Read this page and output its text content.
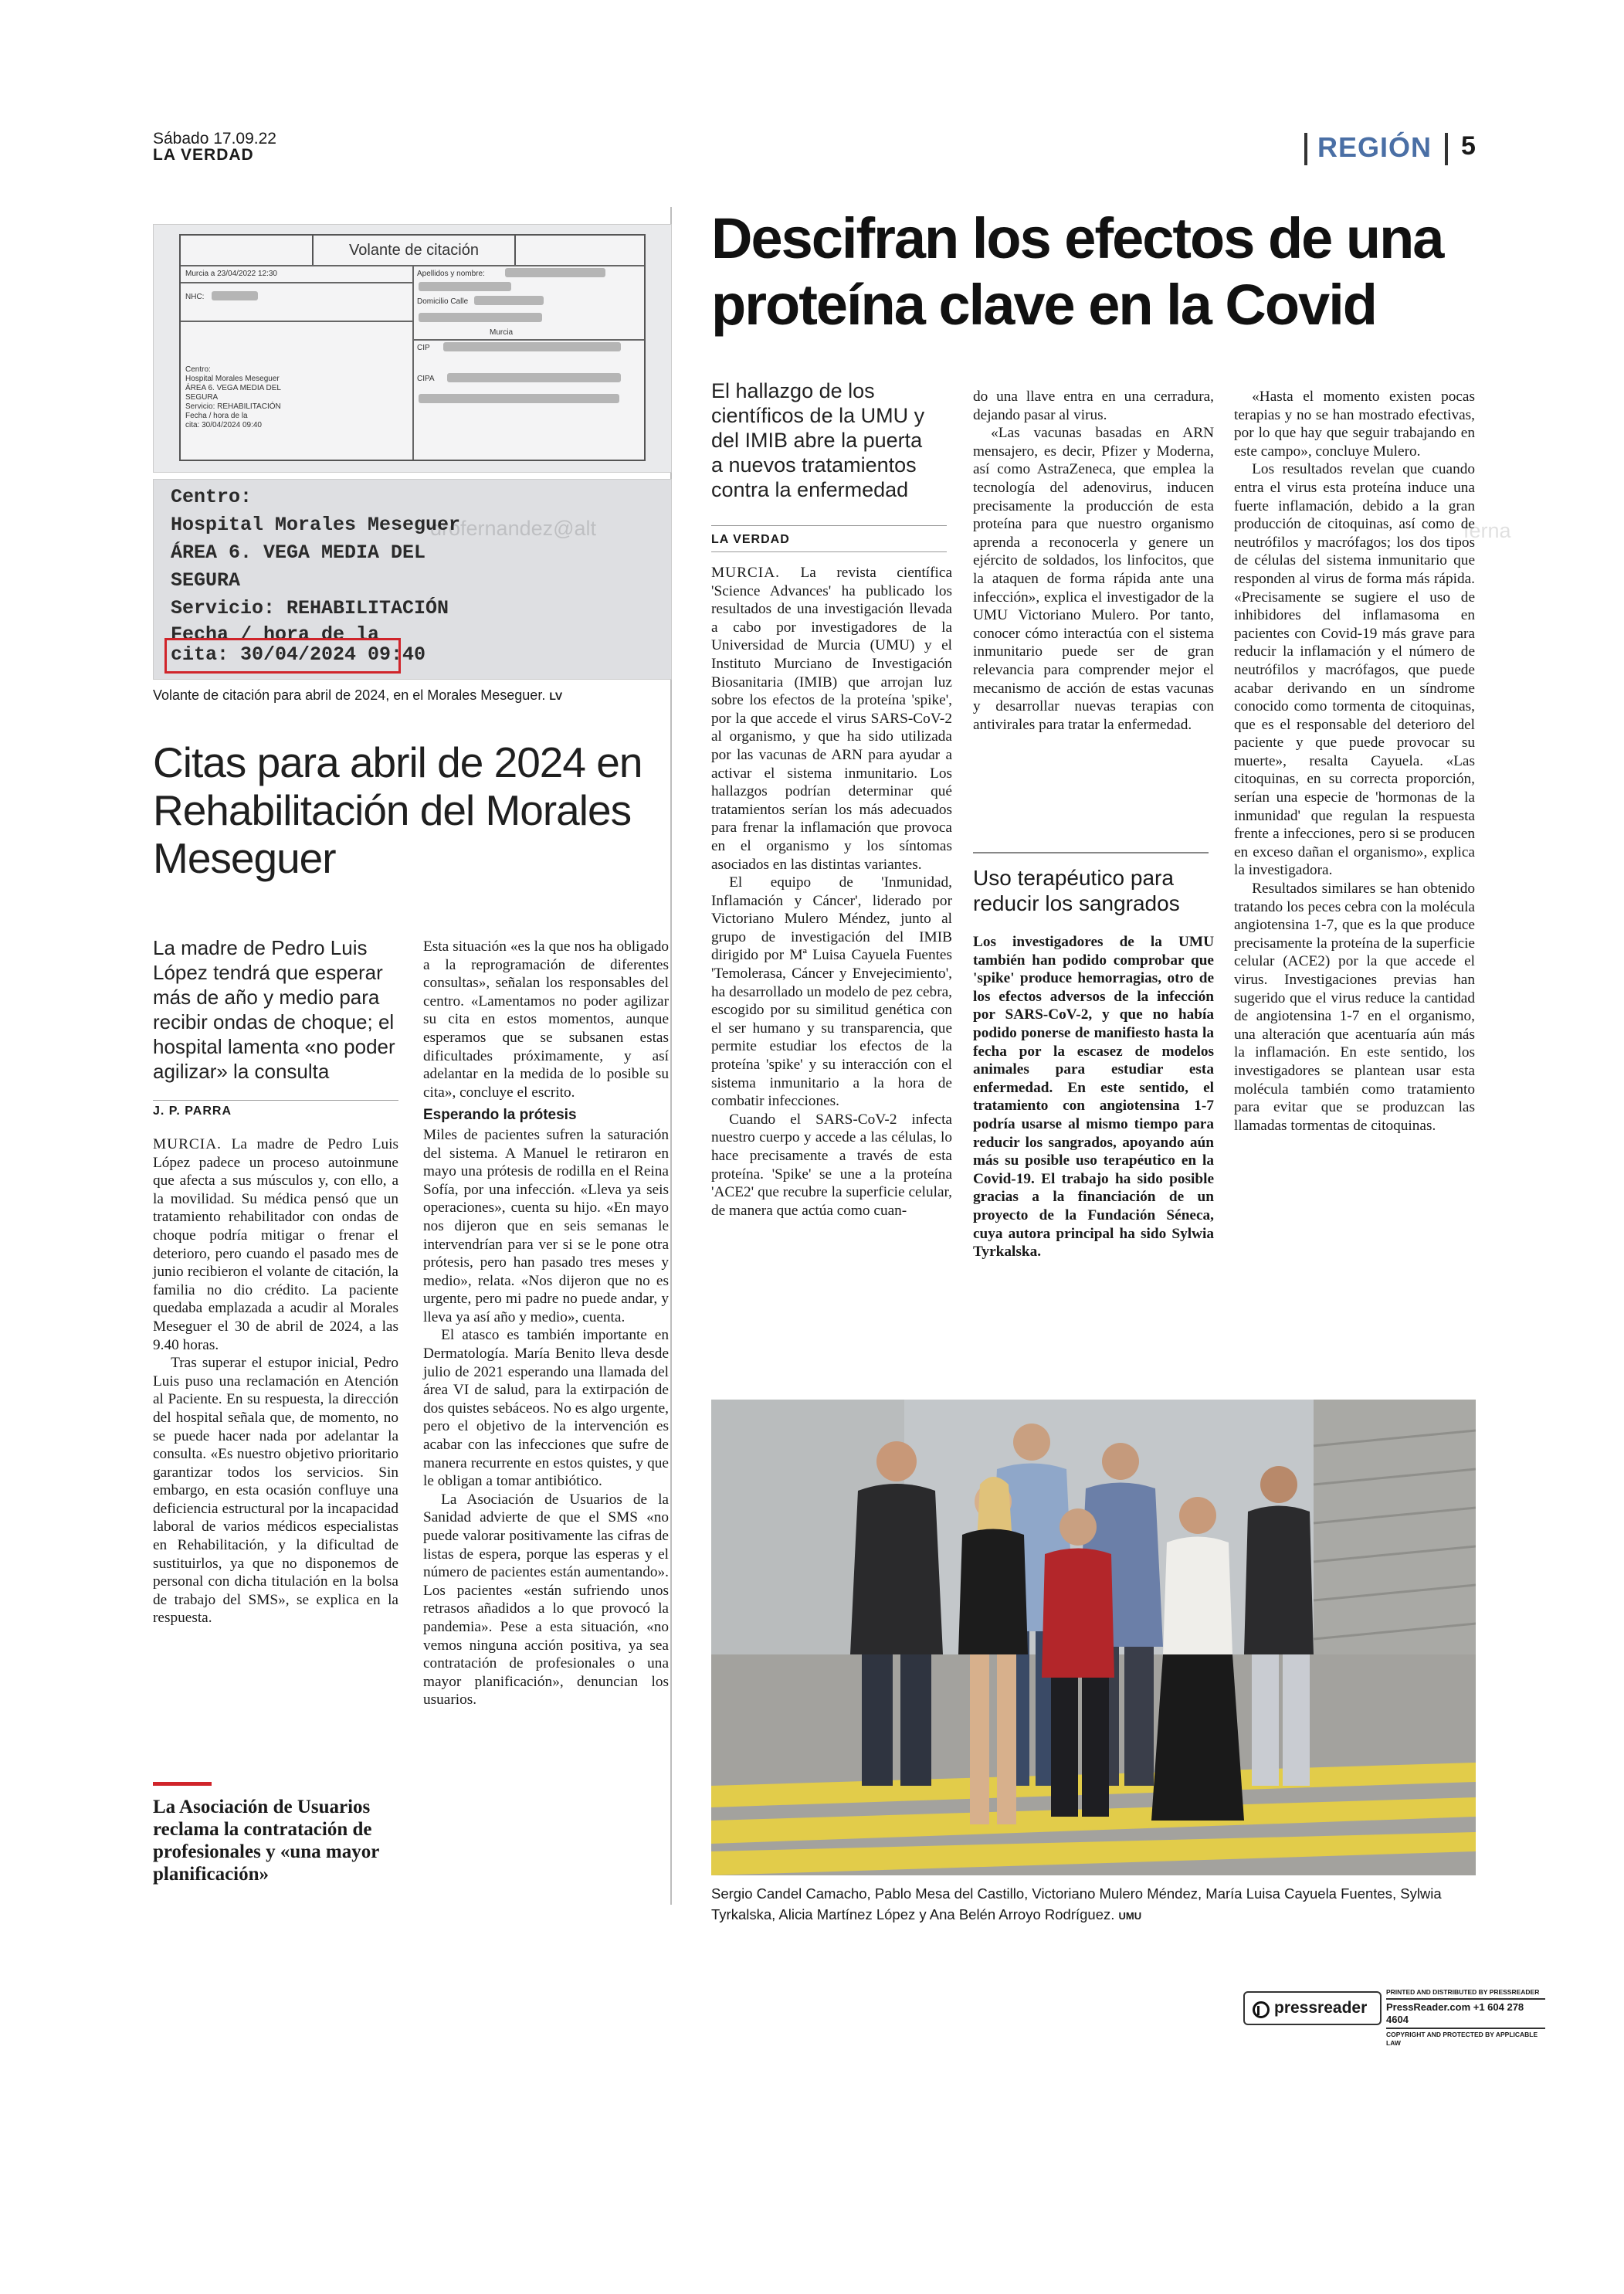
Sábado 17.09.22
LA VERDAD	REGIÓN 5
Volante de citación
Murcia a 23/04/2022 12:30	Apellidos y nombre:
NHC:
Domicilio Calle
Murcia
CIP
CIPA
Centro:
Hospital Morales Meseguer
ÁREA 6. VEGA MEDIA DEL
SEGURA
Servicio: REHABILITACIÓN
Fecha / hora de la
cita: 30/04/2024 09:40
Centro:
Hospital Morales Meseguer
ÁREA 6. VEGA MEDIA DEL
SEGURA
Servicio: REHABILITACIÓN
Fecha / hora de la
cita: 30/04/2024 09:40
drofernandez@alt
Volante de citación para abril de 2024, en el Morales Meseguer. LV
Citas para abril de 2024 en Rehabilitación del Morales Meseguer
La madre de Pedro Luis López tendrá que esperar más de año y medio para recibir ondas de choque; el hospital lamenta «no poder agilizar» la consulta
J. P. PARRA

MURCIA. La madre de Pedro Luis López padece un proceso autoinmune que afecta a sus músculos y, con ello, a la movilidad. Su médica pensó que un tratamiento rehabilitador con ondas de choque podría mitigar o frenar el deterioro, pero cuando el pasado mes de junio recibieron el volante de citación, la familia no dio crédito. La paciente quedaba emplazada a acudir al Morales Meseguer el 30 de abril de 2024, a las 9.40 horas.

Tras superar el estupor inicial, Pedro Luis puso una reclamación en Atención al Paciente. En su respuesta, la dirección del hospital señala que, de momento, no se puede hacer nada por adelantar la consulta. «Es nuestro objetivo prioritario garantizar todos los servicios. Sin embargo, en esta ocasión confluye una deficiencia estructural por la incapacidad laboral de varios médicos especialistas en Rehabilitación, y la dificultad de sustituirlos, ya que no disponemos de personal con dicha titulación en la bolsa de trabajo del SMS», se explica en la respuesta.

La Asociación de Usuarios reclama la contratación de profesionales y «una mayor planificación»

Esta situación «es la que nos ha obligado a la reprogramación de diferentes consultas», señalan los responsables del centro. «Lamentamos no poder agilizar su cita en estos momentos, aunque esperamos que se subsanen estas dificultades próximamente, y así adelantar en la medida de lo posible su cita», concluye el escrito.

Esperando la prótesis

Miles de pacientes sufren la saturación del sistema. A Manuel le retiraron en mayo una prótesis de rodilla en el Reina Sofía, por una infección. «Lleva ya seis operaciones», cuenta su hijo. «En mayo nos dijeron que en seis semanas le intervendrían para ver si se le pone otra prótesis, pero han pasado tres meses y medio», relata. «Nos dijeron que no es urgente, pero mi padre no puede andar, y lleva ya así año y medio», cuenta.

El atasco es también importante en Dermatología. María Benito lleva desde julio de 2021 esperando una llamada del área VI de salud, para la extirpación de dos quistes sebáceos. No es algo urgente, pero el objetivo de la intervención es acabar con las infecciones que sufre de manera recurrente en estos quistes, y que le obligan a tomar antibiótico.

La Asociación de Usuarios de la Sanidad advierte de que el SMS «no puede valorar positivamente las cifras de listas de espera, porque las esperas y el número de pacientes están aumentando». Los pacientes «están sufriendo unos retrasos añadidos a lo que provocó la pandemia». Pese a esta situación, «no vemos ninguna acción positiva, ya sea contratación de profesionales o una mayor planificación», denuncian los usuarios.

Descifran los efectos de una proteína clave en la Covid
El hallazgo de los científicos de la UMU y del IMIB abre la puerta a nuevos tratamientos contra la enfermedad
LA VERDAD

MURCIA. La revista científica 'Science Advances' ha publicado los resultados de una investigación llevada a cabo por investigadores de la Universidad de Murcia (UMU) y el Instituto Murciano de Investigación Biosanitaria (IMIB) que arrojan luz sobre los efectos de la proteína 'spike', por la que accede el virus SARS-CoV-2 al organismo, y que ha sido utilizada por las vacunas de ARN para ayudar a activar el sistema inmunitario. Los hallazgos podrían determinar qué tratamientos serían los más adecuados para frenar la inflamación que provoca en el organismo y los síntomas asociados en las distintas variantes.

El equipo de 'Inmunidad, Inflamación y Cáncer', liderado por Victoriano Mulero Méndez, junto al grupo de investigación del IMIB dirigido por Mª Luisa Cayuela Fuentes 'Temolerasa, Cáncer y Envejecimiento', ha desarrollado un modelo de pez cebra, escogido por su similitud genética con el ser humano y su transparencia, que permite estudiar los efectos de la proteína 'spike' y su interacción con el sistema inmunitario a la hora de combatir infecciones.

Cuando el SARS-CoV-2 infecta nuestro cuerpo y accede a las células, lo hace precisamente a través de esta proteína. 'Spike' se une a la proteína 'ACE2' que recubre la superficie celular, de manera que actúa como cuan-

do una llave entra en una cerradura, dejando pasar al virus.

«Las vacunas basadas en ARN mensajero, es decir, Pfizer y Moderna, así como AstraZeneca, que emplea la tecnología del adenovirus, inducen precisamente la producción de esta proteína para que nuestro organismo aprenda a reconocerla y genere un ejército de soldados, los linfocitos, que la ataquen de forma rápida ante una infección», explica el investigador de la UMU Victoriano Mulero. Por tanto, conocer cómo interactúa con el sistema inmunitario puede ser de gran relevancia para comprender mejor el mecanismo de acción de estas vacunas y desarrollar nuevas terapias con antivirales para tratar la enfermedad.

Uso terapéutico para reducir los sangrados

Los investigadores de la UMU también han podido comprobar que 'spike' produce hemorragias, otro de los efectos adversos de la infección por SARS-CoV-2, y que no había podido ponerse de manifiesto hasta la fecha por la escasez de modelos animales para estudiar esta enfermedad. En este sentido, el tratamiento con angiotensina 1-7 podría usarse al mismo tiempo para reducir los sangrados, apoyando aún más su posible uso terapéutico en la Covid-19. El trabajo ha sido posible gracias a la financiación de un proyecto de la Fundación Séneca, cuya autora principal ha sido Sylwia Tyrkalska.

«Hasta el momento existen pocas terapias y no se han mostrado efectivas, por lo que hay que seguir trabajando en este campo», concluye Mulero.

Los resultados revelan que cuando entra el virus esta proteína induce una fuerte inflamación, debido a la gran producción de citoquinas, así como de neutrófilos y macrófagos; los dos tipos de células del sistema inmunitario que responden al virus de forma más rápida. «Precisamente se sugiere el uso de inhibidores del inflamasoma en pacientes con Covid-19 más grave para reducir la inflamación y el número de neutrófilos y macrófagos, que puede acabar derivando en un síndrome conocido como tormenta de citoquinas, que es el responsable del deterioro del paciente y que puede provocar su muerte», resalta Cayuela. «Las citoquinas, en su correcta proporción, serían una especie de 'hormonas de la inmunidad' que regulan la respuesta frente a infecciones, pero si se producen en exceso dañan el organismo», explica la investigadora.

Resultados similares se han obtenido tratando los peces cebra con la molécula angiotensina 1-7, que es la que produce precisamente la proteína de la superficie celular (ACE2) por la que accede el virus. Investigaciones previas han sugerido que el virus reduce la cantidad de angiotensina 1-7 en el organismo, una alteración que acentuaría aún más la inflamación. En este sentido, los investigadores se plantean usar esta molécula también como tratamiento para evitar que se produzcan las llamadas tormentas de citoquinas.

ferna
Sergio Candel Camacho, Pablo Mesa del Castillo, Victoriano Mulero Méndez, María Luisa Cayuela Fuentes, Sylwia Tyrkalska, Alicia Martínez López y Ana Belén Arroyo Rodríguez. UMU
pressreader
PRINTED AND DISTRIBUTED BY PRESSREADER
PressReader.com +1 604 278 4604
COPYRIGHT AND PROTECTED BY APPLICABLE LAW
